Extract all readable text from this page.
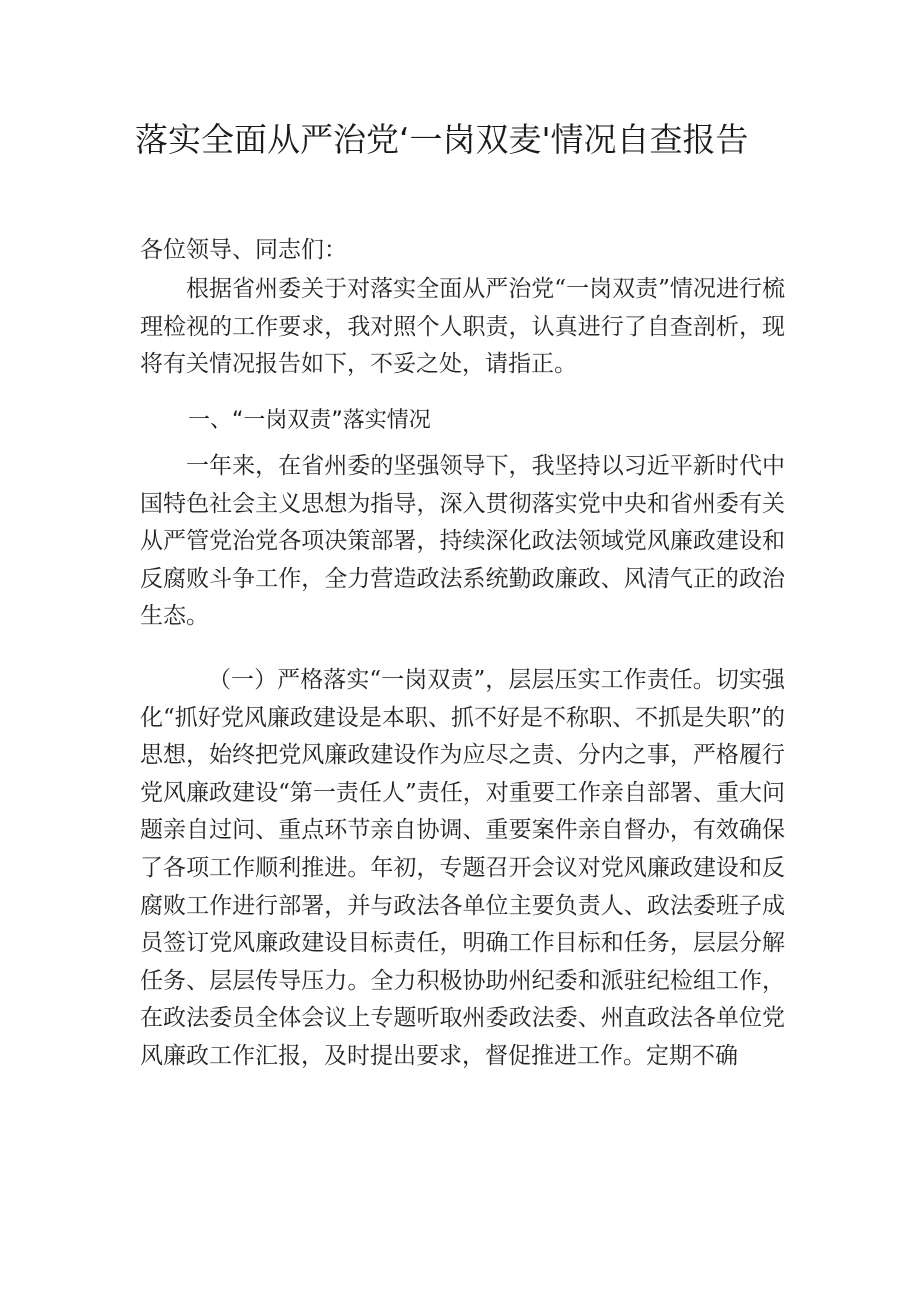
落实全面从严治党‘一岗双麦'情况自查报告
各位领导、同志们：
根据省州委关于对落实全面从严治党“一岗双责”情况进行梳理检视的工作要求，我对照个人职责，认真进行了自查剖析，现将有关情况报告如下，不妥之处，请指正。
一、“一岗双责”落实情况
一年来，在省州委的坚强领导下，我坚持以习近平新时代中国特色社会主义思想为指导，深入贯彻落实党中央和省州委有关从严管党治党各项决策部署，持续深化政法领域党风廉政建设和反腐败斗争工作，全力营造政法系统勤政廉政、风清气正的政治生态。
（一）严格落实“一岗双责”，层层压实工作责任。切实强化“抓好党风廉政建设是本职、抓不好是不称职、不抓是失职”的思想，始终把党风廉政建设作为应尽之责、分内之事，严格履行党风廉政建设“第一责任人”责任，对重要工作亲自部署、重大问题亲自过问、重点环节亲自协调、重要案件亲自督办，有效确保了各项工作顺利推进。年初，专题召开会议对党风廉政建设和反腐败工作进行部署，并与政法各单位主要负责人、政法委班子成员签订党风廉政建设目标责任，明确工作目标和任务，层层分解任务、层层传导压力。全力积极协助州纪委和派驻纪检组工作，在政法委员全体会议上专题听取州委政法委、州直政法各单位党风廉政工作汇报，及时提出要求，督促推进工作。定期不确
